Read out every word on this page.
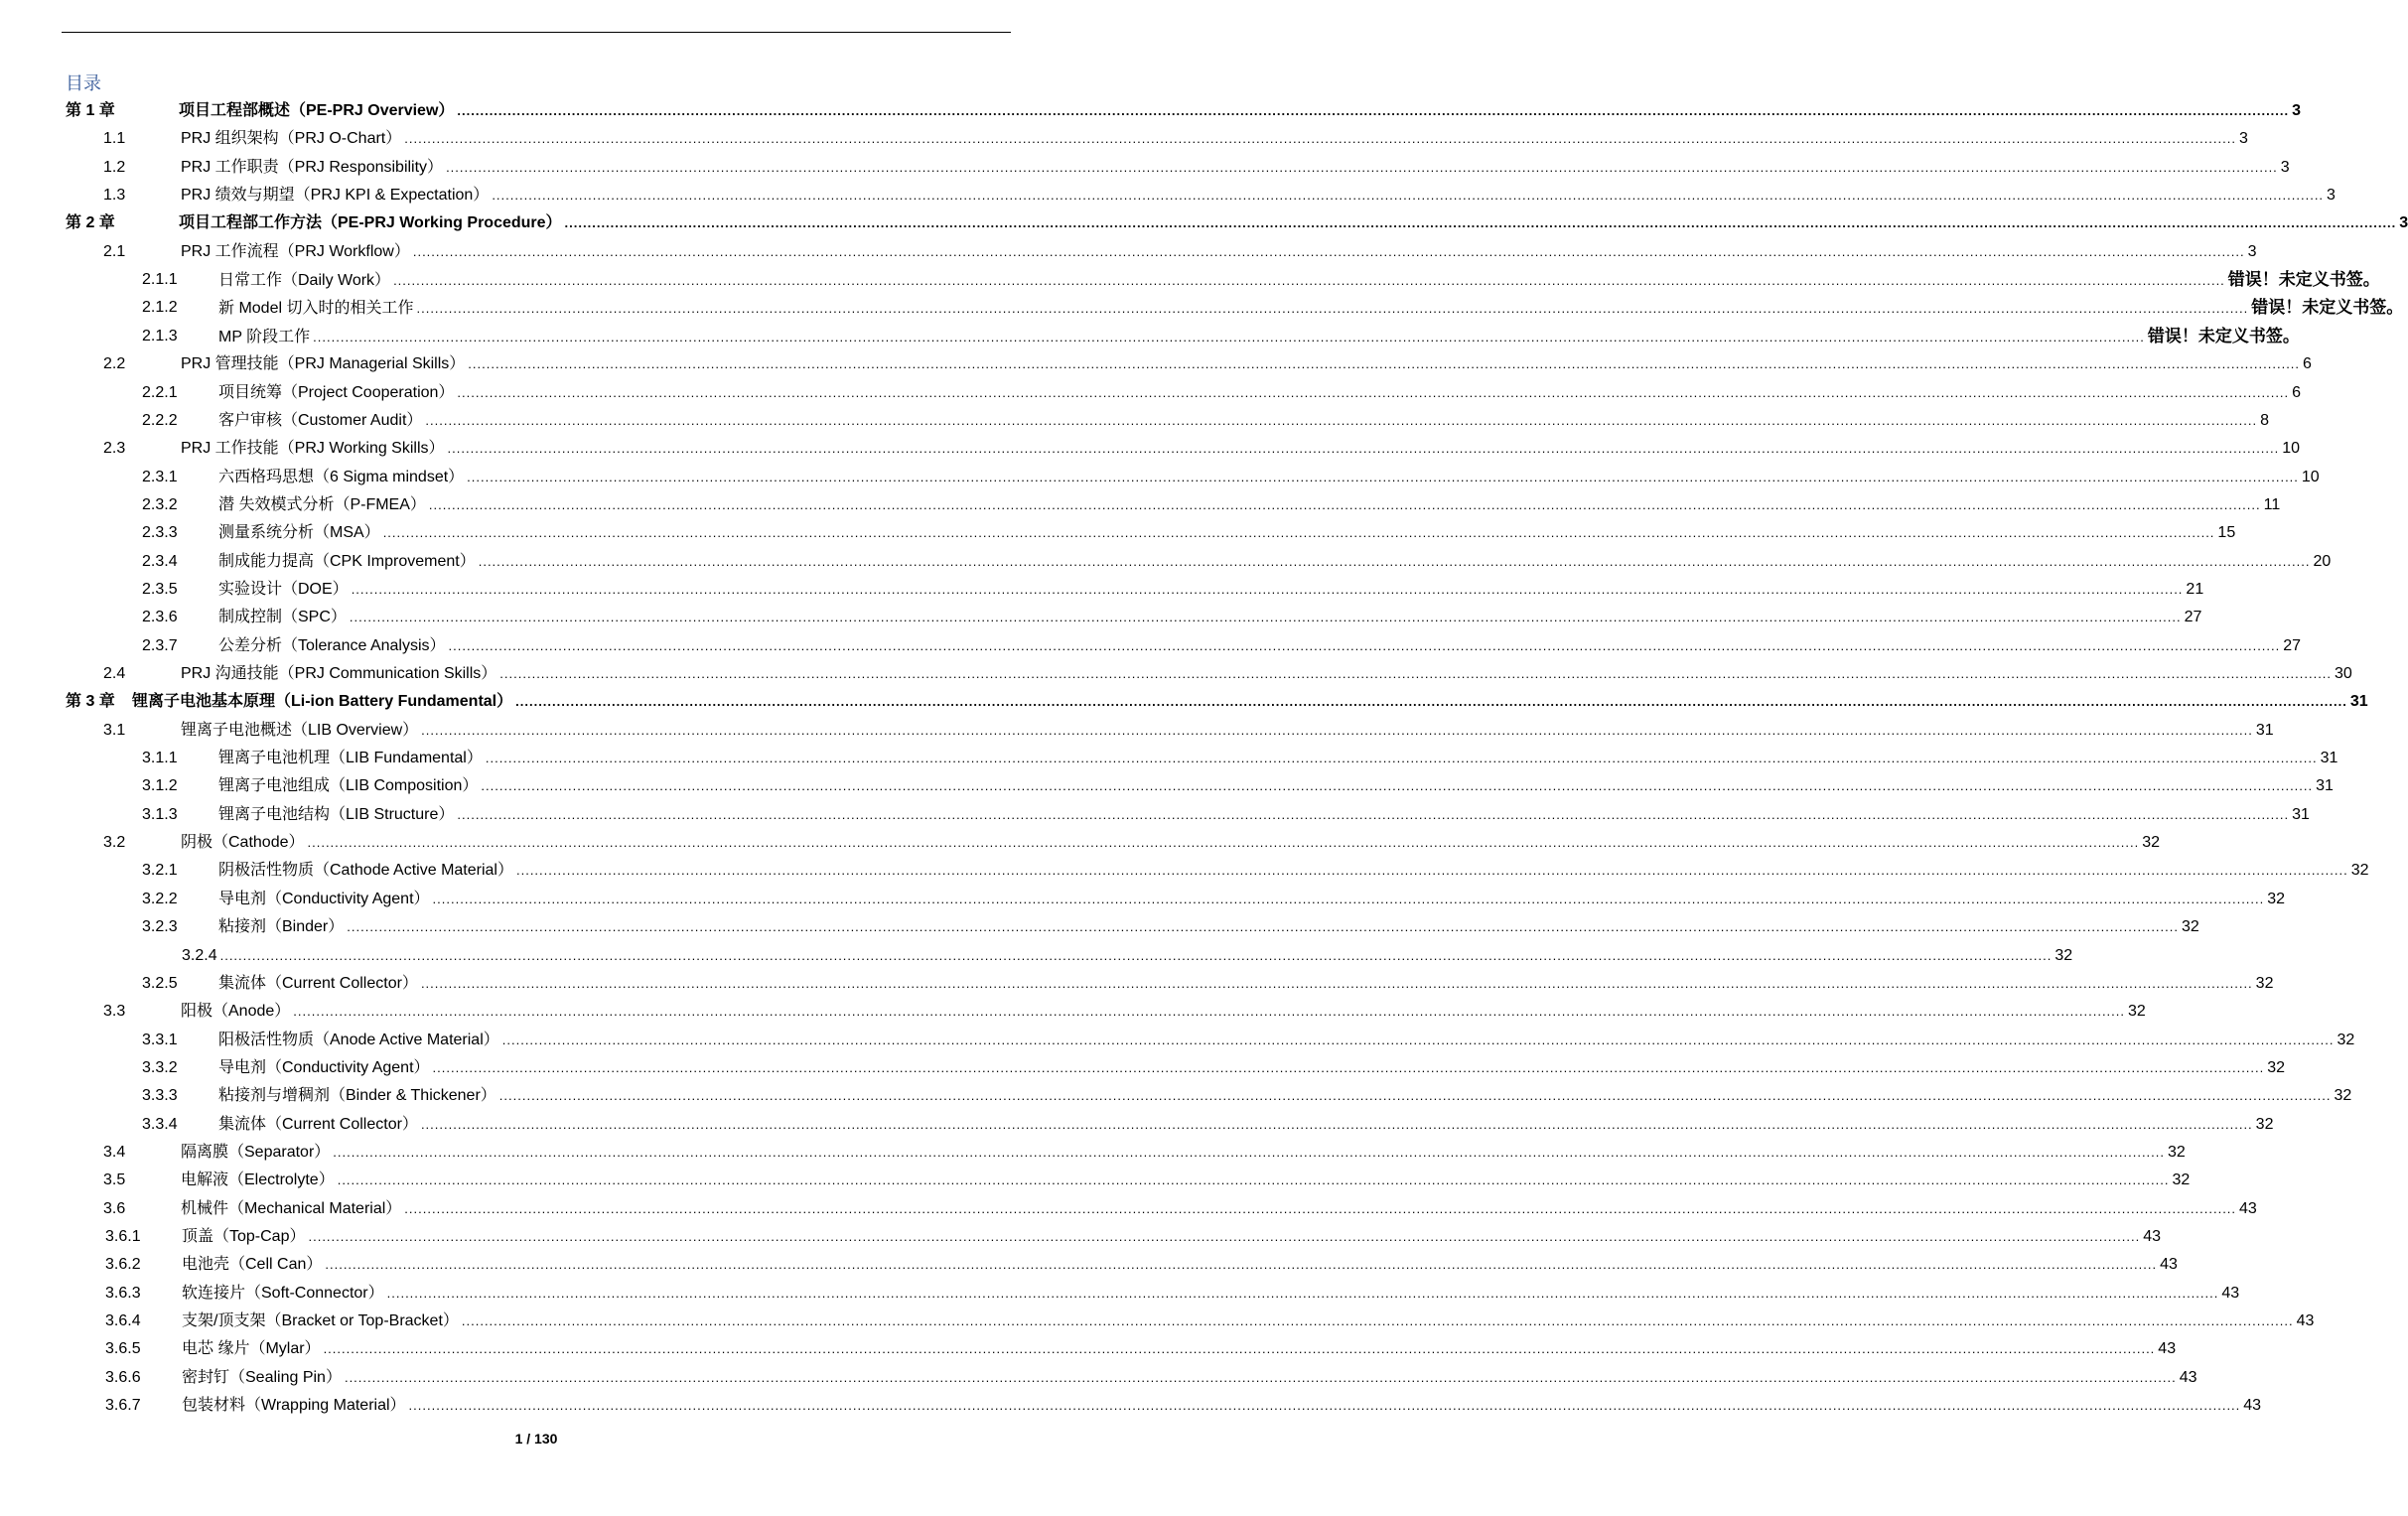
目录
第 1 章	项目工程部概述（PE-PRJ Overview） ................................................................................................................................................................................................................................................................................................................................................................................................................ 3
1.1	PRJ 组织架构（PRJ O-Chart） ................................................................................................................................................................................................................................................................................................................................................................................................................ 3
1.2	PRJ 工作职责（PRJ Responsibility） ................................................................................................................................................................................................................................................................................................................................................................................................................ 3
1.3	PRJ 绩效与期望（PRJ KPI & Expectation） ................................................................................................................................................................................................................................................................................................................................................................................................................ 3
第 2 章	项目工程部工作方法（PE-PRJ Working Procedure） ................................................................................................................................................................................................................................................................................................................................................................................................................ 3
2.1	PRJ 工作流程（PRJ Workflow） ................................................................................................................................................................................................................................................................................................................................................................................................................ 3
2.1.1	日常工作（Daily Work） ................................................................................................................................................................................................................................................................................................................................................................................................................ 错误！未定义书签。
2.1.2	新 Model 切入时的相关工作 ................................................................................................................................................................................................................................................................................................................................................................................................................ 错误！未定义书签。
2.1.3	MP 阶段工作 ................................................................................................................................................................................................................................................................................................................................................................................................................ 错误！未定义书签。
2.2	PRJ 管理技能（PRJ Managerial Skills） ................................................................................................................................................................................................................................................................................................................................................................................................................ 6
2.2.1	项目统筹（Project Cooperation） ................................................................................................................................................................................................................................................................................................................................................................................................................ 6
2.2.2	客户审核（Customer Audit） ................................................................................................................................................................................................................................................................................................................................................................................................................ 8
2.3	PRJ 工作技能（PRJ Working Skills） ................................................................................................................................................................................................................................................................................................................................................................................................................ 10
2.3.1	六西格玛思想（6 Sigma mindset） ................................................................................................................................................................................................................................................................................................................................................................................................................ 10
2.3.2	潜 失效模式分析（P-FMEA） ................................................................................................................................................................................................................................................................................................................................................................................................................ 11
2.3.3	测量系统分析（MSA） ................................................................................................................................................................................................................................................................................................................................................................................................................ 15
2.3.4	制成能力提高（CPK Improvement） ................................................................................................................................................................................................................................................................................................................................................................................................................ 20
2.3.5	实验设计（DOE） ................................................................................................................................................................................................................................................................................................................................................................................................................ 21
2.3.6	制成控制（SPC） ................................................................................................................................................................................................................................................................................................................................................................................................................ 27
2.3.7	公差分析（Tolerance Analysis） ................................................................................................................................................................................................................................................................................................................................................................................................................ 27
2.4	PRJ 沟通技能（PRJ Communication Skills） ................................................................................................................................................................................................................................................................................................................................................................................................................ 30
第 3 章 锂离子电池基本原理（Li-ion Battery Fundamental） ................................................................................................................................................................................................................................................................................................................................................................................................................ 31
3.1	锂离子电池概述（LIB Overview） ................................................................................................................................................................................................................................................................................................................................................................................................................ 31
3.1.1	锂离子电池机理（LIB Fundamental） ................................................................................................................................................................................................................................................................................................................................................................................................................ 31
3.1.2	锂离子电池组成（LIB Composition） ................................................................................................................................................................................................................................................................................................................................................................................................................ 31
3.1.3	锂离子电池结构（LIB Structure） ................................................................................................................................................................................................................................................................................................................................................................................................................ 31
3.2	阴极（Cathode） ................................................................................................................................................................................................................................................................................................................................................................................................................ 32
3.2.1	阴极活性物质（Cathode Active Material） ................................................................................................................................................................................................................................................................................................................................................................................................................ 32
3.2.2	导电剂（Conductivity Agent） ................................................................................................................................................................................................................................................................................................................................................................................................................ 32
3.2.3	粘接剂（Binder） ................................................................................................................................................................................................................................................................................................................................................................................................................ 32
3.2.4 ................................................................................................................................................................................................................................................................................................................................................................................................................ 32
3.2.5	集流体（Current Collector） ................................................................................................................................................................................................................................................................................................................................................................................................................ 32
3.3	阳极（Anode） ................................................................................................................................................................................................................................................................................................................................................................................................................ 32
3.3.1	阳极活性物质（Anode Active Material） ................................................................................................................................................................................................................................................................................................................................................................................................................ 32
3.3.2	导电剂（Conductivity Agent） ................................................................................................................................................................................................................................................................................................................................................................................................................ 32
3.3.3	粘接剂与增稠剂（Binder & Thickener） ................................................................................................................................................................................................................................................................................................................................................................................................................ 32
3.3.4	集流体（Current Collector） ................................................................................................................................................................................................................................................................................................................................................................................................................ 32
3.4	隔离膜（Separator） ................................................................................................................................................................................................................................................................................................................................................................................................................ 32
3.5	电解液（Electrolyte） ................................................................................................................................................................................................................................................................................................................................................................................................................ 32
3.6	机械件（Mechanical Material） ................................................................................................................................................................................................................................................................................................................................................................................................................ 43
3.6.1	顶盖（Top-Cap） ................................................................................................................................................................................................................................................................................................................................................................................................................ 43
3.6.2	电池壳（Cell Can） ................................................................................................................................................................................................................................................................................................................................................................................................................ 43
3.6.3	软连接片（Soft-Connector） ................................................................................................................................................................................................................................................................................................................................................................................................................ 43
3.6.4	支架/顶支架（Bracket or Top-Bracket） ................................................................................................................................................................................................................................................................................................................................................................................................................ 43
3.6.5	电芯 缘片（Mylar） ................................................................................................................................................................................................................................................................................................................................................................................................................ 43
3.6.6	密封钉（Sealing Pin） ................................................................................................................................................................................................................................................................................................................................................................................................................ 43
3.6.7	包装材料（Wrapping Material） ................................................................................................................................................................................................................................................................................................................................................................................................................ 43
1 / 130
